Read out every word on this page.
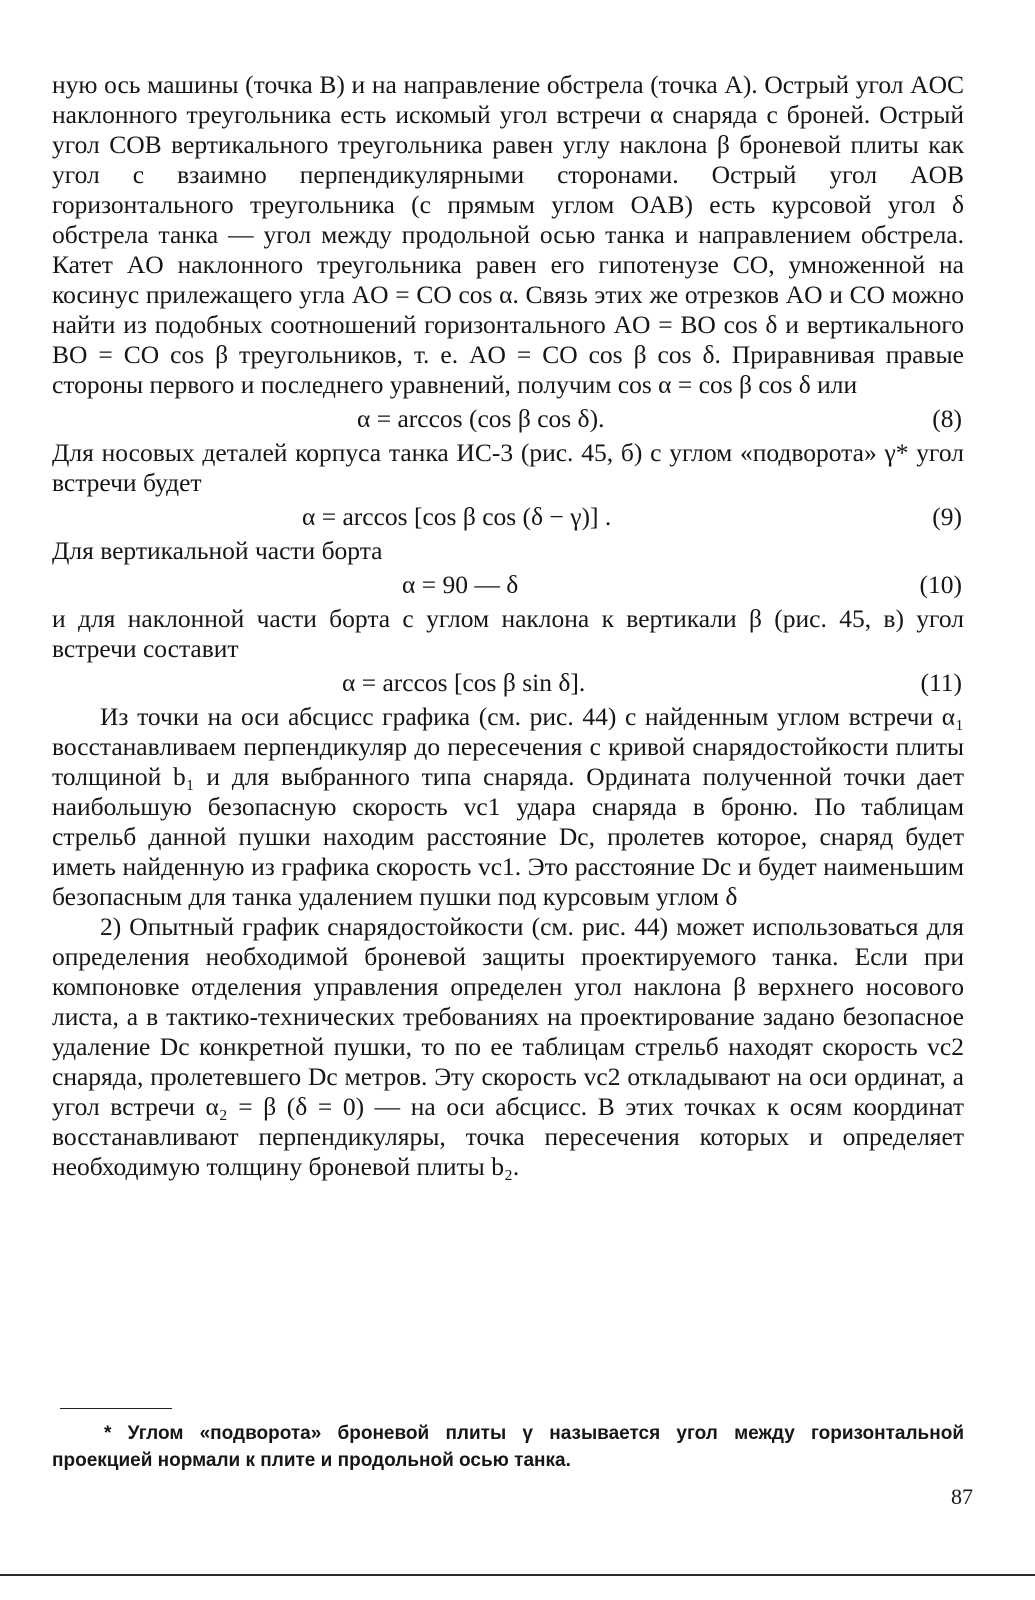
ную ось машины (точка B) и на направление обстрела (точка A). Острый угол AOC наклонного треугольника есть искомый угол встречи α снаряда с броней. Острый угол COB вертикального треугольника равен углу наклона β броневой плиты как угол с взаимно перпендикулярными сторонами. Острый угол AOB горизонтального треугольника (с прямым углом OAB) есть курсовой угол δ обстрела танка — угол между продольной осью танка и направлением обстрела. Катет AO наклонного треугольника равен его гипотенузе CO, умноженной на косинус прилежащего угла AO = CO cos α. Связь этих же отрезков AO и CO можно найти из подобных соотношений горизонтального AO = BO cos δ и вертикального BO = CO cos β треугольников, т. е. AO = CO cos β cos δ. Приравнивая правые стороны первого и последнего уравнений, получим cos α = cos β cos δ или

α = arccos (cos β cos δ).	(8)

Для носовых деталей корпуса танка ИС-3 (рис. 45, б) с углом «подворота» γ* угол встречи будет

α = arccos [cos β cos (δ − γ)] .	(9)

Для вертикальной части борта

α = 90 — δ	(10)

и для наклонной части борта с углом наклона к вертикали β (рис. 45, в) угол встречи составит

α = arccos [cos β sin δ].	(11)

Из точки на оси абсцисс графика (см. рис. 44) с найденным углом встречи α₁ восстанавливаем перпендикуляр до пересечения с кривой снарядостойкости плиты толщиной b₁ и для выбранного типа снаряда. Ордината полученной точки дает наибольшую безопасную скорость vc1 удара снаряда в броню. По таблицам стрельб данной пушки находим расстояние Dc, пролетев которое, снаряд будет иметь найденную из графика скорость vc1. Это расстояние Dc и будет наименьшим безопасным для танка удалением пушки под курсовым углом δ

2) Опытный график снарядостойкости (см. рис. 44) может использоваться для определения необходимой броневой защиты проектируемого танка. Если при компоновке отделения управления определен угол наклона β верхнего носового листа, а в тактико-технических требованиях на проектирование задано безопасное удаление Dc конкретной пушки, то по ее таблицам стрельб находят скорость vc2 снаряда, пролетевшего Dc метров. Эту скорость vc2 откладывают на оси ординат, а угол встречи α₂ = β (δ = 0) — на оси абсцисс. В этих точках к осям координат восстанавливают перпендикуляры, точка пересечения которых и определяет необходимую толщину броневой плиты b₂.

* Углом «подворота» броневой плиты γ называется угол между горизонтальной проекцией нормали к плите и продольной осью танка.
87
